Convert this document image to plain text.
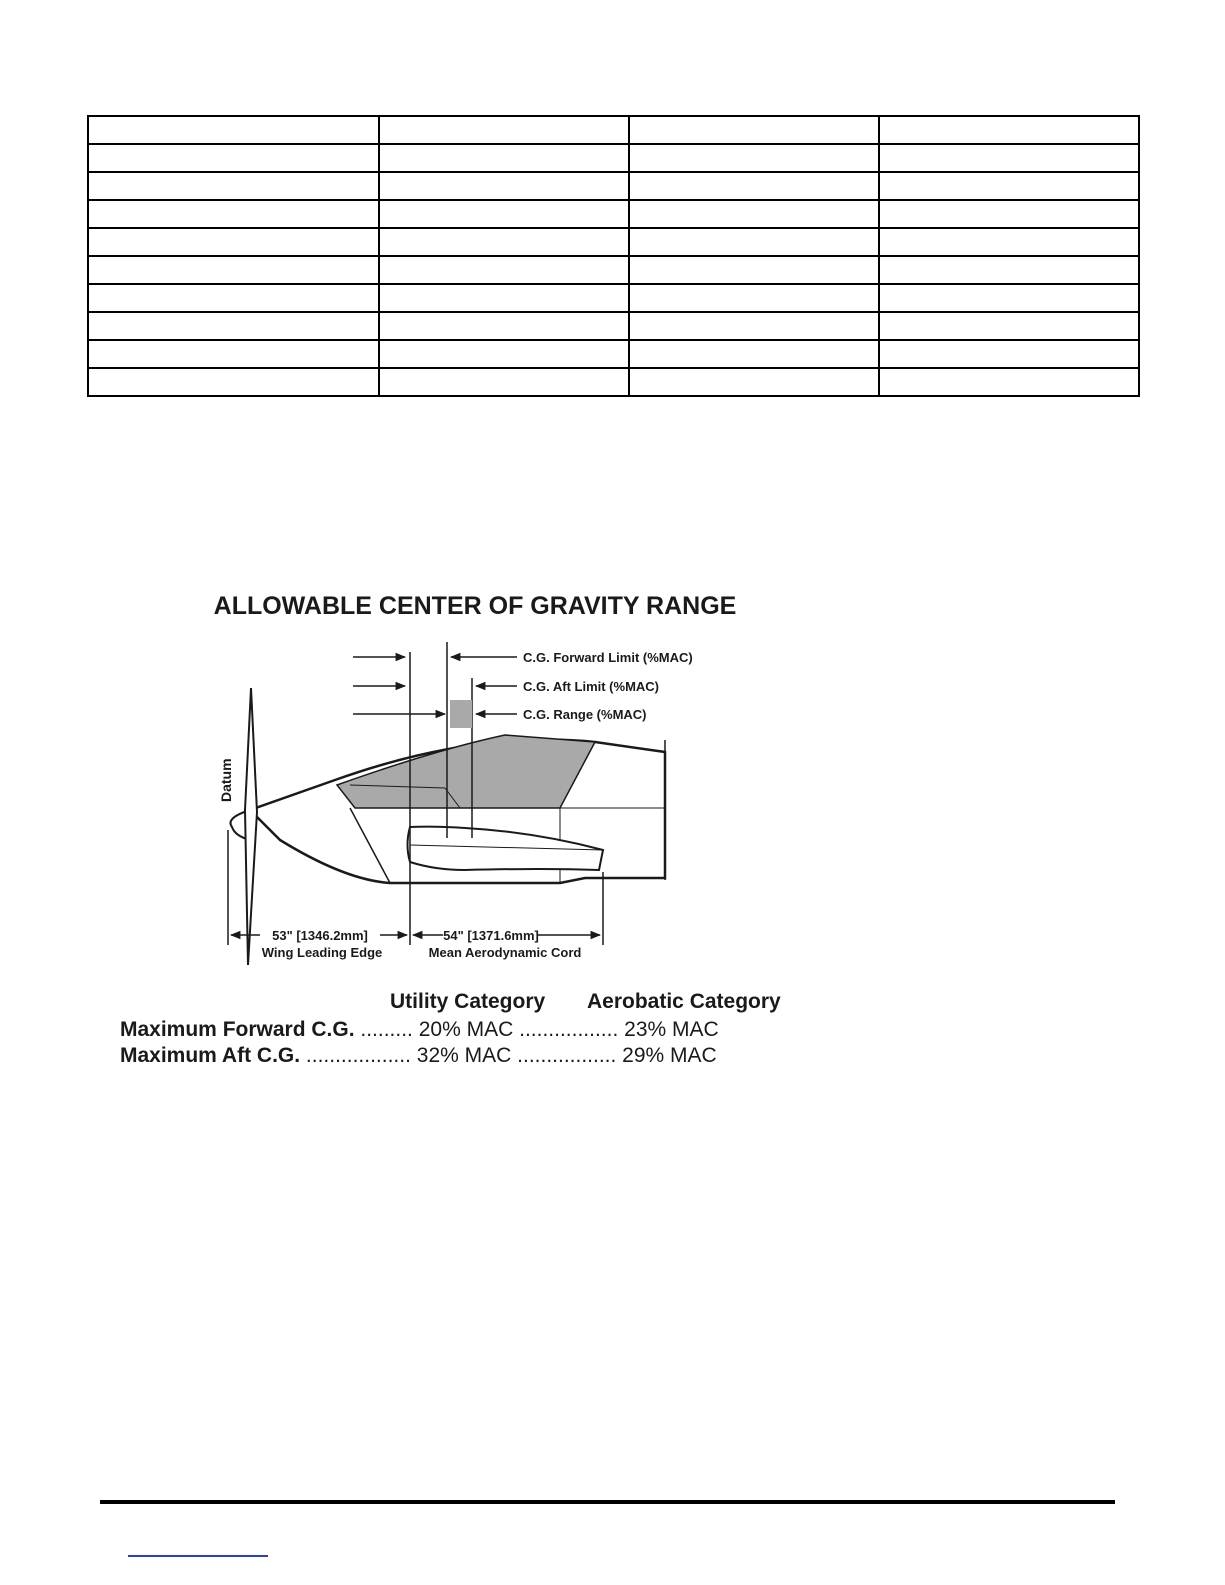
ALLOWABLE CENTER OF GRAVITY RANGE
C.G. Forward Limit (%MAC)
C.G. Aft Limit (%MAC)
C.G. Range (%MAC)
Datum
53" [1346.2mm]
Wing Leading Edge
54" [1371.6mm]
Mean Aerodynamic Cord
Utility Category Aerobatic Category
Maximum Forward C.G. ......... 20% MAC ................. 23% MAC
Maximum Aft C.G. .................. 32% MAC ................. 29% MAC
